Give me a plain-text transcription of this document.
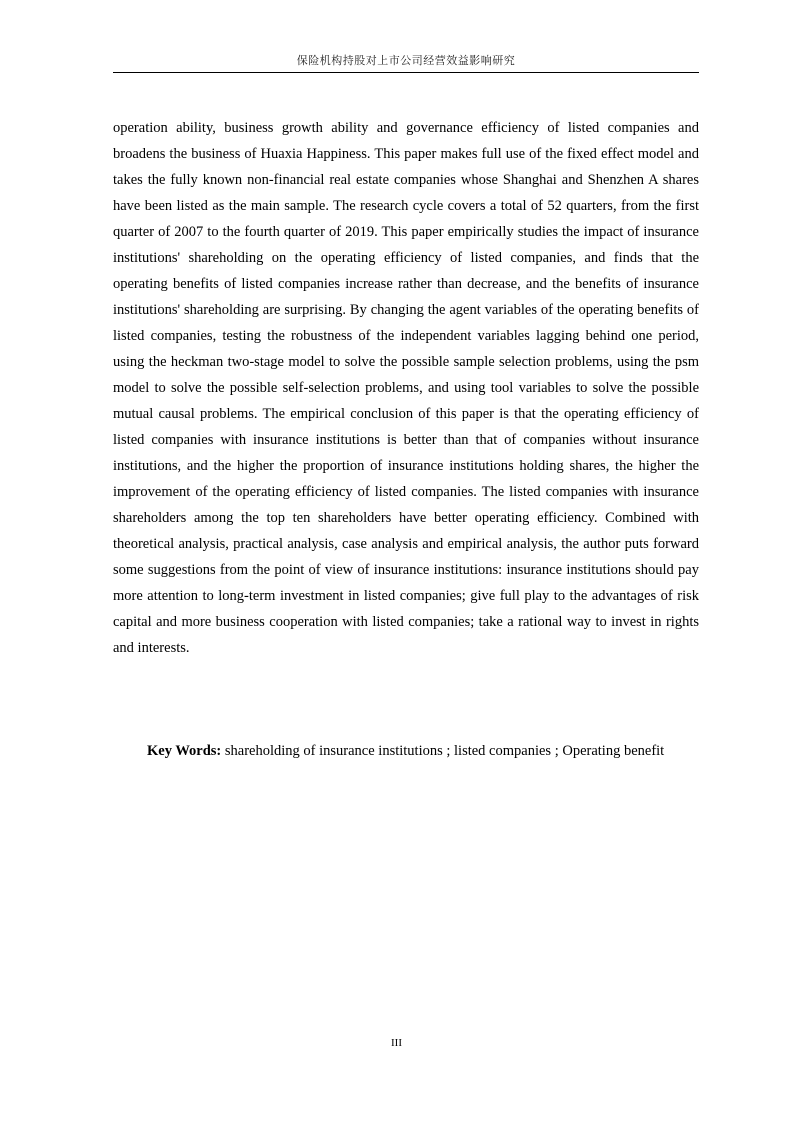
保险机构持股对上市公司经营效益影响研究

operation ability, business growth ability and governance efficiency of listed companies and broadens the business of Huaxia Happiness. This paper makes full use of the fixed effect model and takes the fully known non-financial real estate companies whose Shanghai and Shenzhen A shares have been listed as the main sample. The research cycle covers a total of 52 quarters, from the first quarter of 2007 to the fourth quarter of 2019. This paper empirically studies the impact of insurance institutions' shareholding on the operating efficiency of listed companies, and finds that the operating benefits of listed companies increase rather than decrease, and the benefits of insurance institutions' shareholding are surprising. By changing the agent variables of the operating benefits of listed companies, testing the robustness of the independent variables lagging behind one period, using the heckman two-stage model to solve the possible sample selection problems, using the psm model to solve the possible self-selection problems, and using tool variables to solve the possible mutual causal problems. The empirical conclusion of this paper is that the operating efficiency of listed companies with insurance institutions is better than that of companies without insurance institutions, and the higher the proportion of insurance institutions holding shares, the higher the improvement of the operating efficiency of listed companies. The listed companies with insurance shareholders among the top ten shareholders have better operating efficiency. Combined with theoretical analysis, practical analysis, case analysis and empirical analysis, the author puts forward some suggestions from the point of view of insurance institutions: insurance institutions should pay more attention to long-term investment in listed companies; give full play to the advantages of risk capital and more business cooperation with listed companies; take a rational way to invest in rights and interests.

Key Words: shareholding of insurance institutions ; listed companies ; Operating benefit

III
